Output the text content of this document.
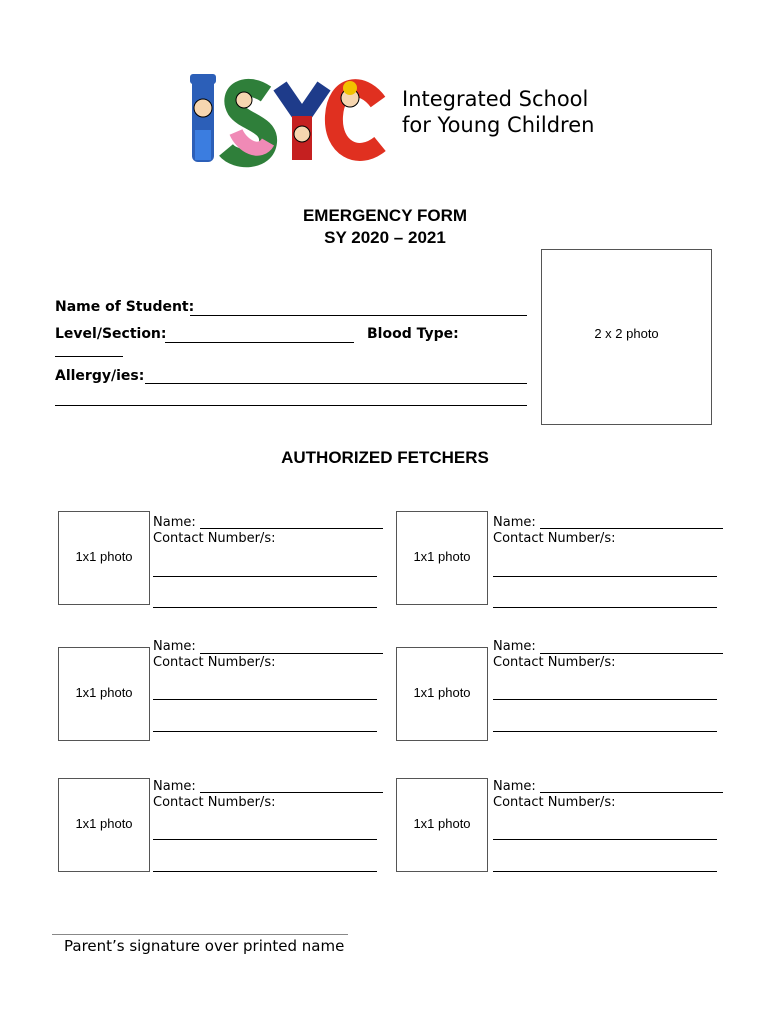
Integrated School
for Young Children
EMERGENCY FORM
SY 2020 – 2021
2 x 2 photo
Name of Student:
Level/Section:	Blood Type:
Allergy/ies:
AUTHORIZED FETCHERS
1x1 photo
Name:
Contact Number/s:
1x1 photo
Name:
Contact Number/s:
1x1 photo
Name:
Contact Number/s:
1x1 photo
Name:
Contact Number/s:
1x1 photo
Name:
Contact Number/s:
1x1 photo
Name:
Contact Number/s:
Parent’s signature over printed name
